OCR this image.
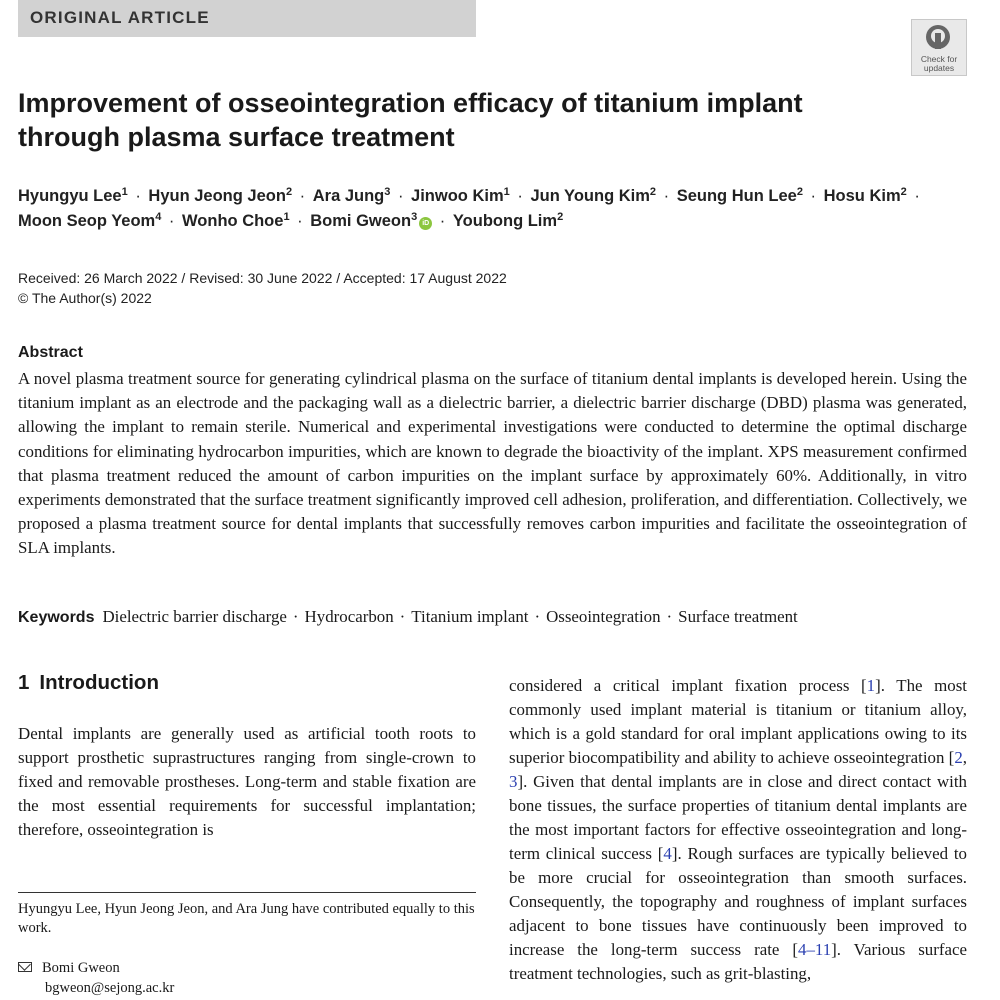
ORIGINAL ARTICLE
Check for
updates
Improvement of osseointegration efficacy of titanium implant through plasma surface treatment
Hyungyu Lee$^1$ · Hyun Jeong Jeon$^2$ · Ara Jung$^3$ · Jinwoo Kim$^1$ · Jun Young Kim$^2$ · Seung Hun Lee$^2$ · Hosu Kim$^2$ ·
Moon Seop Yeom$^4$ · Wonho Choe$^1$ · Bomi Gweon$^3$iD · Youbong Lim$^2$
Received: 26 March 2022 / Revised: 30 June 2022 / Accepted: 17 August 2022
© The Author(s) 2022
Abstract
A novel plasma treatment source for generating cylindrical plasma on the surface of titanium dental implants is developed herein. Using the titanium implant as an electrode and the packaging wall as a dielectric barrier, a dielectric barrier discharge (DBD) plasma was generated, allowing the implant to remain sterile. Numerical and experimental investigations were conducted to determine the optimal discharge conditions for eliminating hydrocarbon impurities, which are known to degrade the bioactivity of the implant. XPS measurement confirmed that plasma treatment reduced the amount of carbon impurities on the implant surface by approximately 60%. Additionally, in vitro experiments demonstrated that the surface treatment significantly improved cell adhesion, proliferation, and differentiation. Collectively, we proposed a plasma treatment source for dental implants that successfully removes carbon impurities and facilitate the osseointegration of SLA implants.
Keywords Dielectric barrier discharge · Hydrocarbon · Titanium implant · Osseointegration · Surface treatment
1 Introduction
Dental implants are generally used as artificial tooth roots to support prosthetic suprastructures ranging from single-crown to fixed and removable prostheses. Long-term and stable fixation are the most essential requirements for successful implantation; therefore, osseointegration is
considered a critical implant fixation process [1]. The most commonly used implant material is titanium or titanium alloy, which is a gold standard for oral implant applications owing to its superior biocompatibility and ability to achieve osseointegration [2, 3]. Given that dental implants are in close and direct contact with bone tissues, the surface properties of titanium dental implants are the most important factors for effective osseointegration and long-term clinical success [4]. Rough surfaces are typically believed to be more crucial for osseointegration than smooth surfaces. Consequently, the topography and roughness of implant surfaces adjacent to bone tissues have continuously been improved to increase the long-term success rate [4–11]. Various surface treatment technologies, such as grit-blasting,
Hyungyu Lee, Hyun Jeong Jeon, and Ara Jung have contributed equally to this work.
Bomi Gweon
bgweon@sejong.ac.kr
